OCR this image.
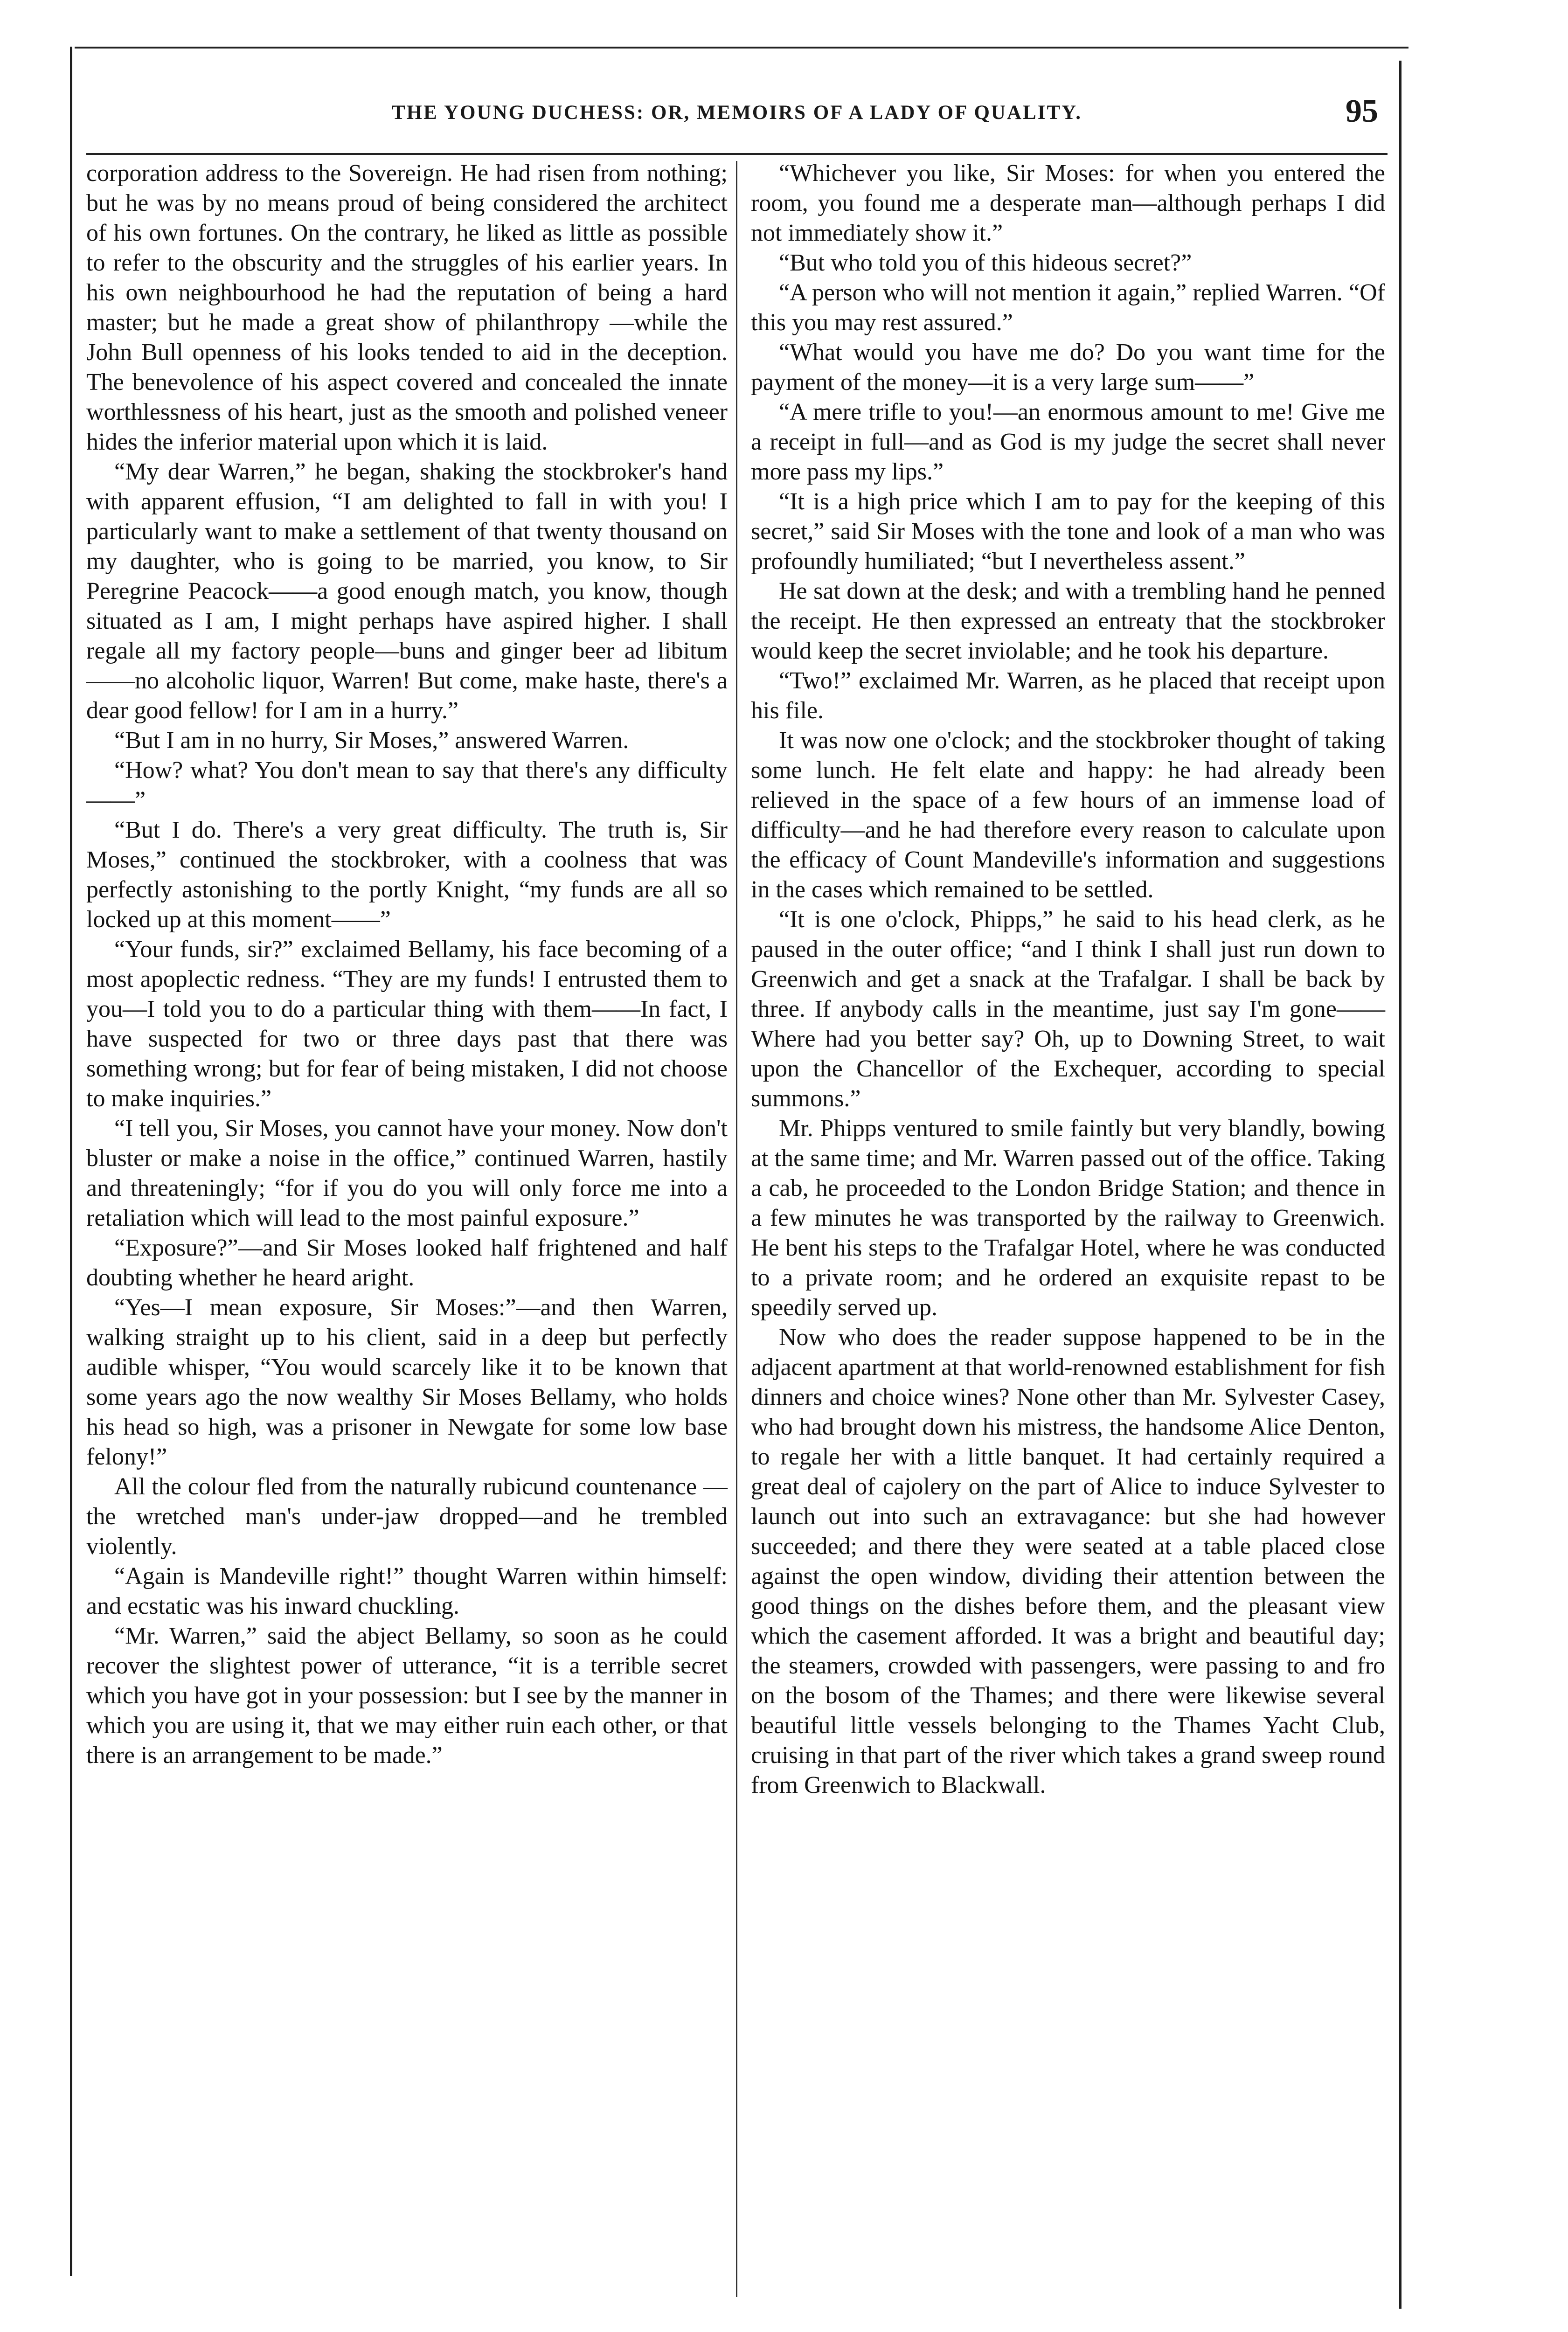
THE YOUNG DUCHESS: OR, MEMOIRS OF A LADY OF QUALITY.	95

corporation address to the Sovereign. He had risen from nothing; but he was by no means proud of being considered the architect of his own fortunes. On the contrary, he liked as little as possible to refer to the obscurity and the struggles of his earlier years. In his own neighbourhood he had the reputation of being a hard master; but he made a great show of philanthropy —while the John Bull openness of his looks tended to aid in the deception. The benevolence of his aspect covered and concealed the innate worthlessness of his heart, just as the smooth and polished veneer hides the inferior material upon which it is laid.

“My dear Warren,” he began, shaking the stockbroker's hand with apparent effusion, “I am delighted to fall in with you! I particularly want to make a settlement of that twenty thousand on my daughter, who is going to be married, you know, to Sir Peregrine Peacock——a good enough match, you know, though situated as I am, I might perhaps have aspired higher. I shall regale all my factory people—buns and ginger beer ad libitum——no alcoholic liquor, Warren! But come, make haste, there's a dear good fellow! for I am in a hurry.”

“But I am in no hurry, Sir Moses,” answered Warren.

“How? what? You don't mean to say that there's any difficulty——”

“But I do. There's a very great difficulty. The truth is, Sir Moses,” continued the stockbroker, with a coolness that was perfectly astonishing to the portly Knight, “my funds are all so locked up at this moment——”

“Your funds, sir?” exclaimed Bellamy, his face becoming of a most apoplectic redness. “They are my funds! I entrusted them to you—I told you to do a particular thing with them——In fact, I have suspected for two or three days past that there was something wrong; but for fear of being mistaken, I did not choose to make inquiries.”

“I tell you, Sir Moses, you cannot have your money. Now don't bluster or make a noise in the office,” continued Warren, hastily and threateningly; “for if you do you will only force me into a retaliation which will lead to the most painful exposure.”

“Exposure?”—and Sir Moses looked half frightened and half doubting whether he heard aright.

“Yes—I mean exposure, Sir Moses:”—and then Warren, walking straight up to his client, said in a deep but perfectly audible whisper, “You would scarcely like it to be known that some years ago the now wealthy Sir Moses Bellamy, who holds his head so high, was a prisoner in Newgate for some low base felony!”

All the colour fled from the naturally rubicund countenance — the wretched man's under-jaw dropped—and he trembled violently.

“Again is Mandeville right!” thought Warren within himself: and ecstatic was his inward chuckling.

“Mr. Warren,” said the abject Bellamy, so soon as he could recover the slightest power of utterance, “it is a terrible secret which you have got in your possession: but I see by the manner in which you are using it, that we may either ruin each other, or that there is an arrangement to be made.”

“Whichever you like, Sir Moses: for when you entered the room, you found me a desperate man—although perhaps I did not immediately show it.”

“But who told you of this hideous secret?”

“A person who will not mention it again,” replied Warren. “Of this you may rest assured.”

“What would you have me do? Do you want time for the payment of the money—it is a very large sum——”

“A mere trifle to you!—an enormous amount to me! Give me a receipt in full—and as God is my judge the secret shall never more pass my lips.”

“It is a high price which I am to pay for the keeping of this secret,” said Sir Moses with the tone and look of a man who was profoundly humiliated; “but I nevertheless assent.”

He sat down at the desk; and with a trembling hand he penned the receipt. He then expressed an entreaty that the stockbroker would keep the secret inviolable; and he took his departure.

“Two!” exclaimed Mr. Warren, as he placed that receipt upon his file.

It was now one o'clock; and the stockbroker thought of taking some lunch. He felt elate and happy: he had already been relieved in the space of a few hours of an immense load of difficulty—and he had therefore every reason to calculate upon the efficacy of Count Mandeville's information and suggestions in the cases which remained to be settled.

“It is one o'clock, Phipps,” he said to his head clerk, as he paused in the outer office; “and I think I shall just run down to Greenwich and get a snack at the Trafalgar. I shall be back by three. If anybody calls in the meantime, just say I'm gone——Where had you better say? Oh, up to Downing Street, to wait upon the Chancellor of the Exchequer, according to special summons.”

Mr. Phipps ventured to smile faintly but very blandly, bowing at the same time; and Mr. Warren passed out of the office. Taking a cab, he proceeded to the London Bridge Station; and thence in a few minutes he was transported by the railway to Greenwich. He bent his steps to the Trafalgar Hotel, where he was conducted to a private room; and he ordered an exquisite repast to be speedily served up.

Now who does the reader suppose happened to be in the adjacent apartment at that world-renowned establishment for fish dinners and choice wines? None other than Mr. Sylvester Casey, who had brought down his mistress, the handsome Alice Denton, to regale her with a little banquet. It had certainly required a great deal of cajolery on the part of Alice to induce Sylvester to launch out into such an extravagance: but she had however succeeded; and there they were seated at a table placed close against the open window, dividing their attention between the good things on the dishes before them, and the pleasant view which the casement afforded. It was a bright and beautiful day; the steamers, crowded with passengers, were passing to and fro on the bosom of the Thames; and there were likewise several beautiful little vessels belonging to the Thames Yacht Club, cruising in that part of the river which takes a grand sweep round from Greenwich to Blackwall.
